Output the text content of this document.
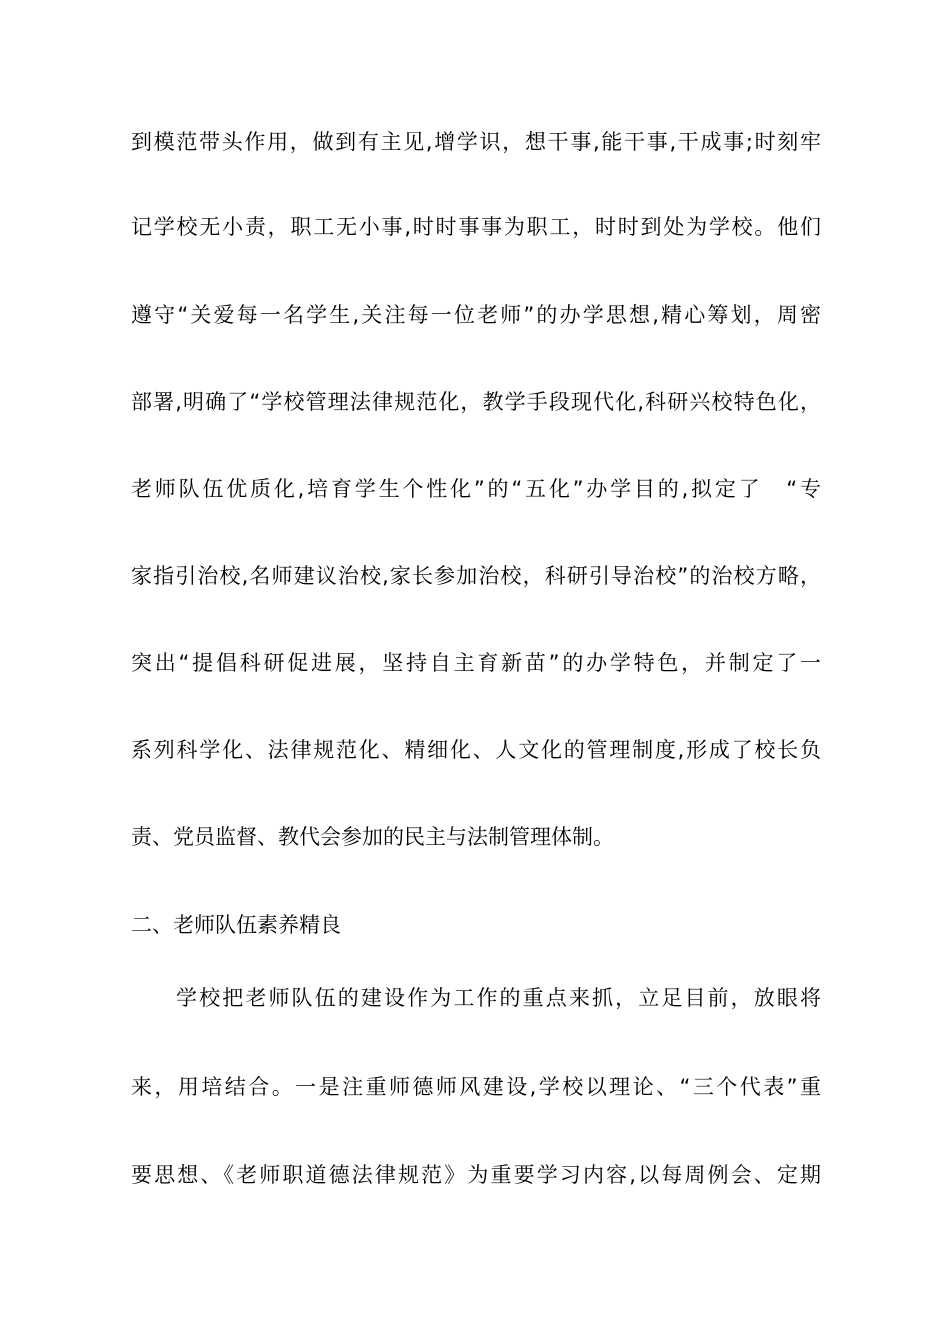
到模范带头作用，做到有主见,增学识，想干事,能干事,干成事;时刻牢
记学校无小责，职工无小事,时时事事为职工，时时到处为学校。他们
遵守“关爱每一名学生,关注每一位老师”的办学思想,精心筹划，周密
部署,明确了“学校管理法律规范化，教学手段现代化,科研兴校特色化，
老师队伍优质化,培育学生个性化”的“五化”办学目的,拟定了　“专
家指引治校,名师建议治校,家长参加治校，科研引导治校”的治校方略，
突出“提倡科研促进展，坚持自主育新苗”的办学特色，并制定了一
系列科学化、法律规范化、精细化、人文化的管理制度,形成了校长负
责、党员监督、教代会参加的民主与法制管理体制。
二、老师队伍素养精良
学校把老师队伍的建设作为工作的重点来抓，立足目前，放眼将
来，用培结合。一是注重师德师风建设,学校以理论、“三个代表”重
要思想、《老师职道德法律规范》为重要学习内容,以每周例会、定期
